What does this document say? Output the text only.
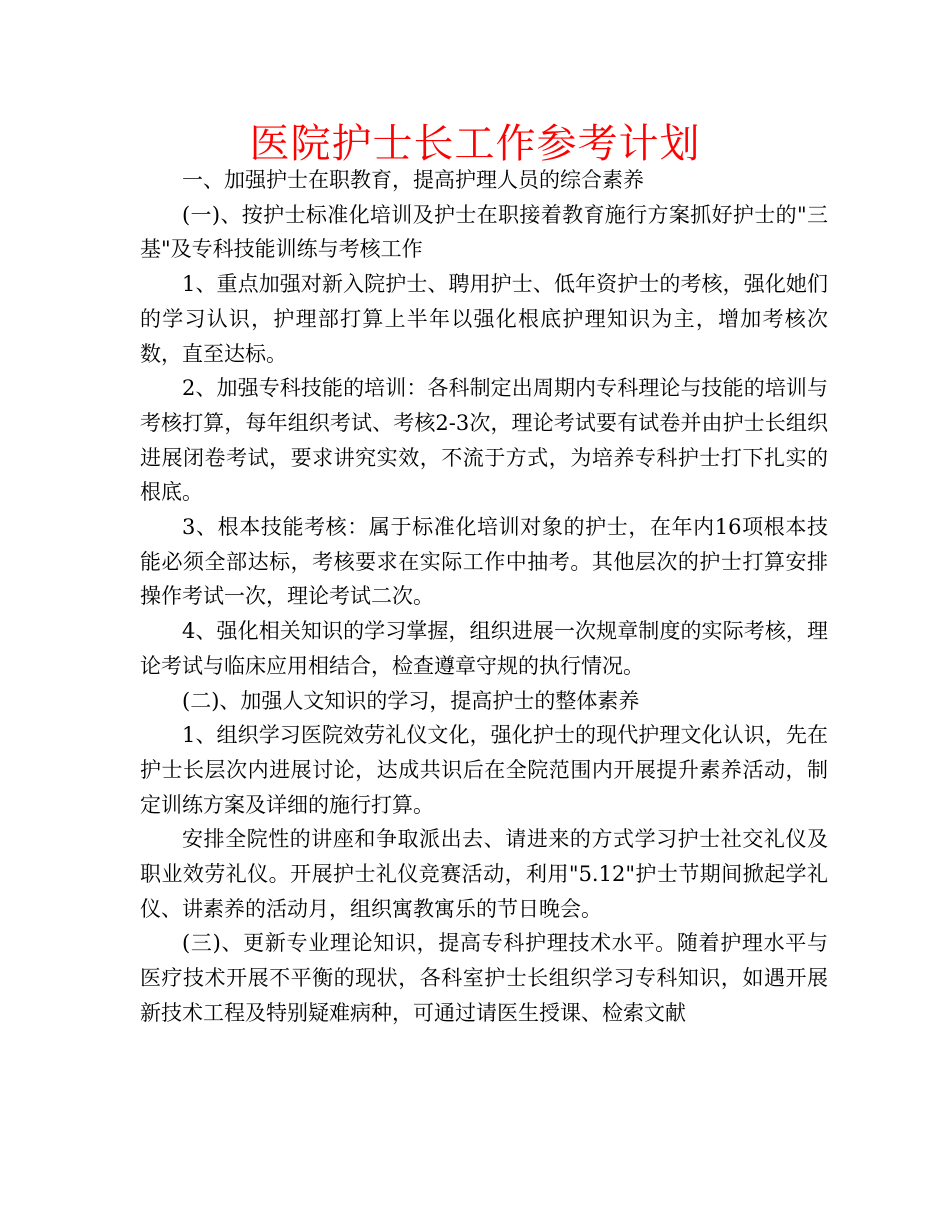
医院护士长工作参考计划

一、加强护士在职教育，提高护理人员的综合素养

(一)、按护士标准化培训及护士在职接着教育施行方案抓好护士的"三基"及专科技能训练与考核工作

1、重点加强对新入院护士、聘用护士、低年资护士的考核，强化她们的学习认识，护理部打算上半年以强化根底护理知识为主，增加考核次数，直至达标。

2、加强专科技能的培训：各科制定出周期内专科理论与技能的培训与考核打算，每年组织考试、考核2-3次，理论考试要有试卷并由护士长组织进展闭卷考试，要求讲究实效，不流于方式，为培养专科护士打下扎实的根底。

3、根本技能考核：属于标准化培训对象的护士，在年内16项根本技能必须全部达标，考核要求在实际工作中抽考。其他层次的护士打算安排操作考试一次，理论考试二次。

4、强化相关知识的学习掌握，组织进展一次规章制度的实际考核，理论考试与临床应用相结合，检查遵章守规的执行情况。

(二)、加强人文知识的学习，提高护士的整体素养

1、组织学习医院效劳礼仪文化，强化护士的现代护理文化认识，先在护士长层次内进展讨论，达成共识后在全院范围内开展提升素养活动，制定训练方案及详细的施行打算。

安排全院性的讲座和争取派出去、请进来的方式学习护士社交礼仪及职业效劳礼仪。开展护士礼仪竞赛活动，利用"5.12"护士节期间掀起学礼仪、讲素养的活动月，组织寓教寓乐的节日晚会。

(三)、更新专业理论知识，提高专科护理技术水平。随着护理水平与医疗技术开展不平衡的现状，各科室护士长组织学习专科知识，如遇开展新技术工程及特别疑难病种，可通过请医生授课、检索文献
